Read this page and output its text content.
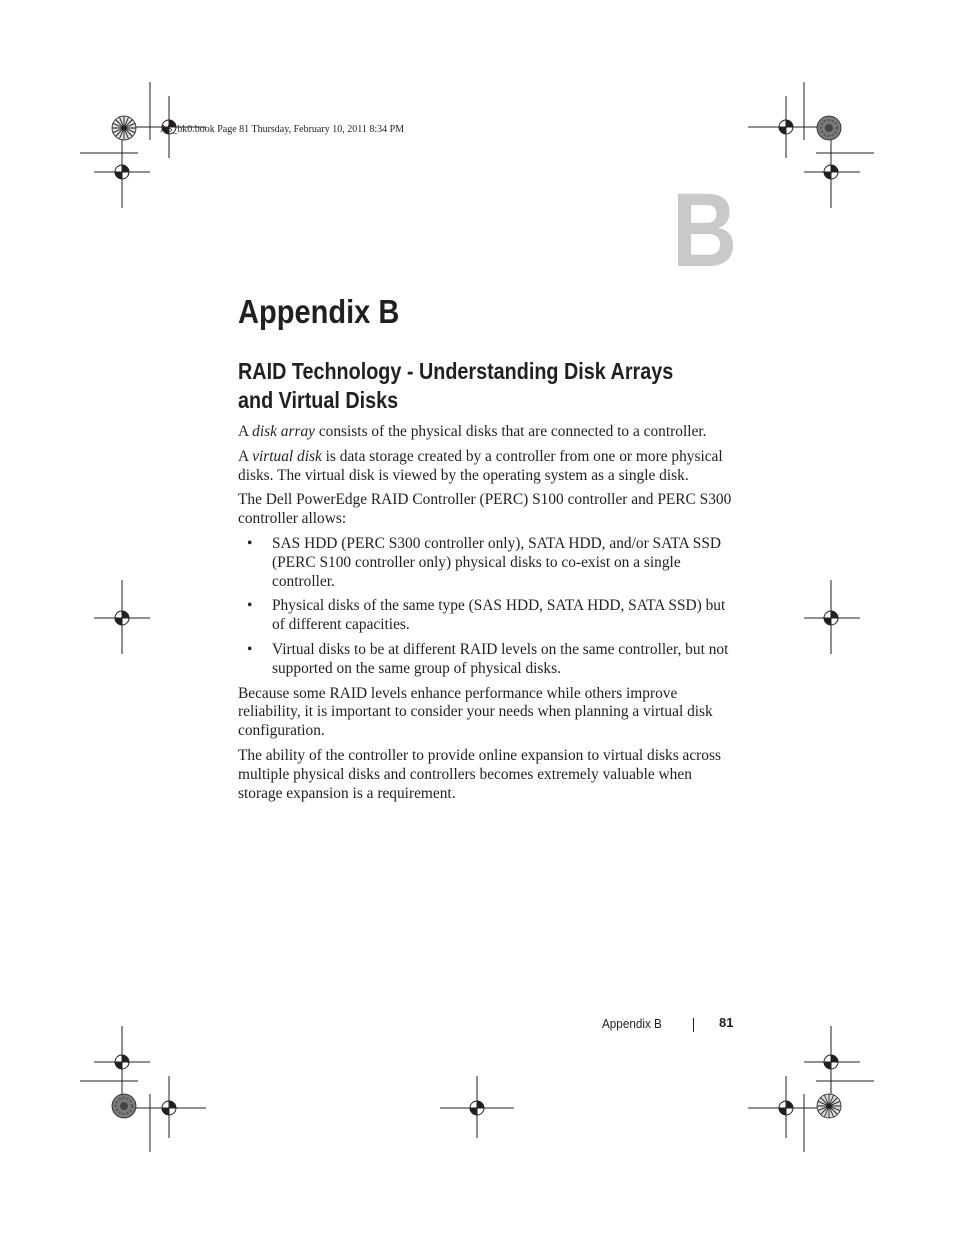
A5_bk0.book Page 81 Thursday, February 10, 2011 8:34 PM
B
Appendix B
RAID Technology - Understanding Disk Arrays
and Virtual Disks

A disk array consists of the physical disks that are connected to a controller.

A virtual disk is data storage created by a controller from one or more physical disks. The virtual disk is viewed by the operating system as a single disk.

The Dell PowerEdge RAID Controller (PERC) S100 controller and PERC S300 controller allows:

• SAS HDD (PERC S300 controller only), SATA HDD, and/or SATA SSD (PERC S100 controller only) physical disks to co-exist on a single controller.
• Physical disks of the same type (SAS HDD, SATA HDD, SATA SSD) but of different capacities.
• Virtual disks to be at different RAID levels on the same controller, but not supported on the same group of physical disks.

Because some RAID levels enhance performance while others improve reliability, it is important to consider your needs when planning a virtual disk configuration.

The ability of the controller to provide online expansion to virtual disks across multiple physical disks and controllers becomes extremely valuable when storage expansion is a requirement.

Appendix B	81
